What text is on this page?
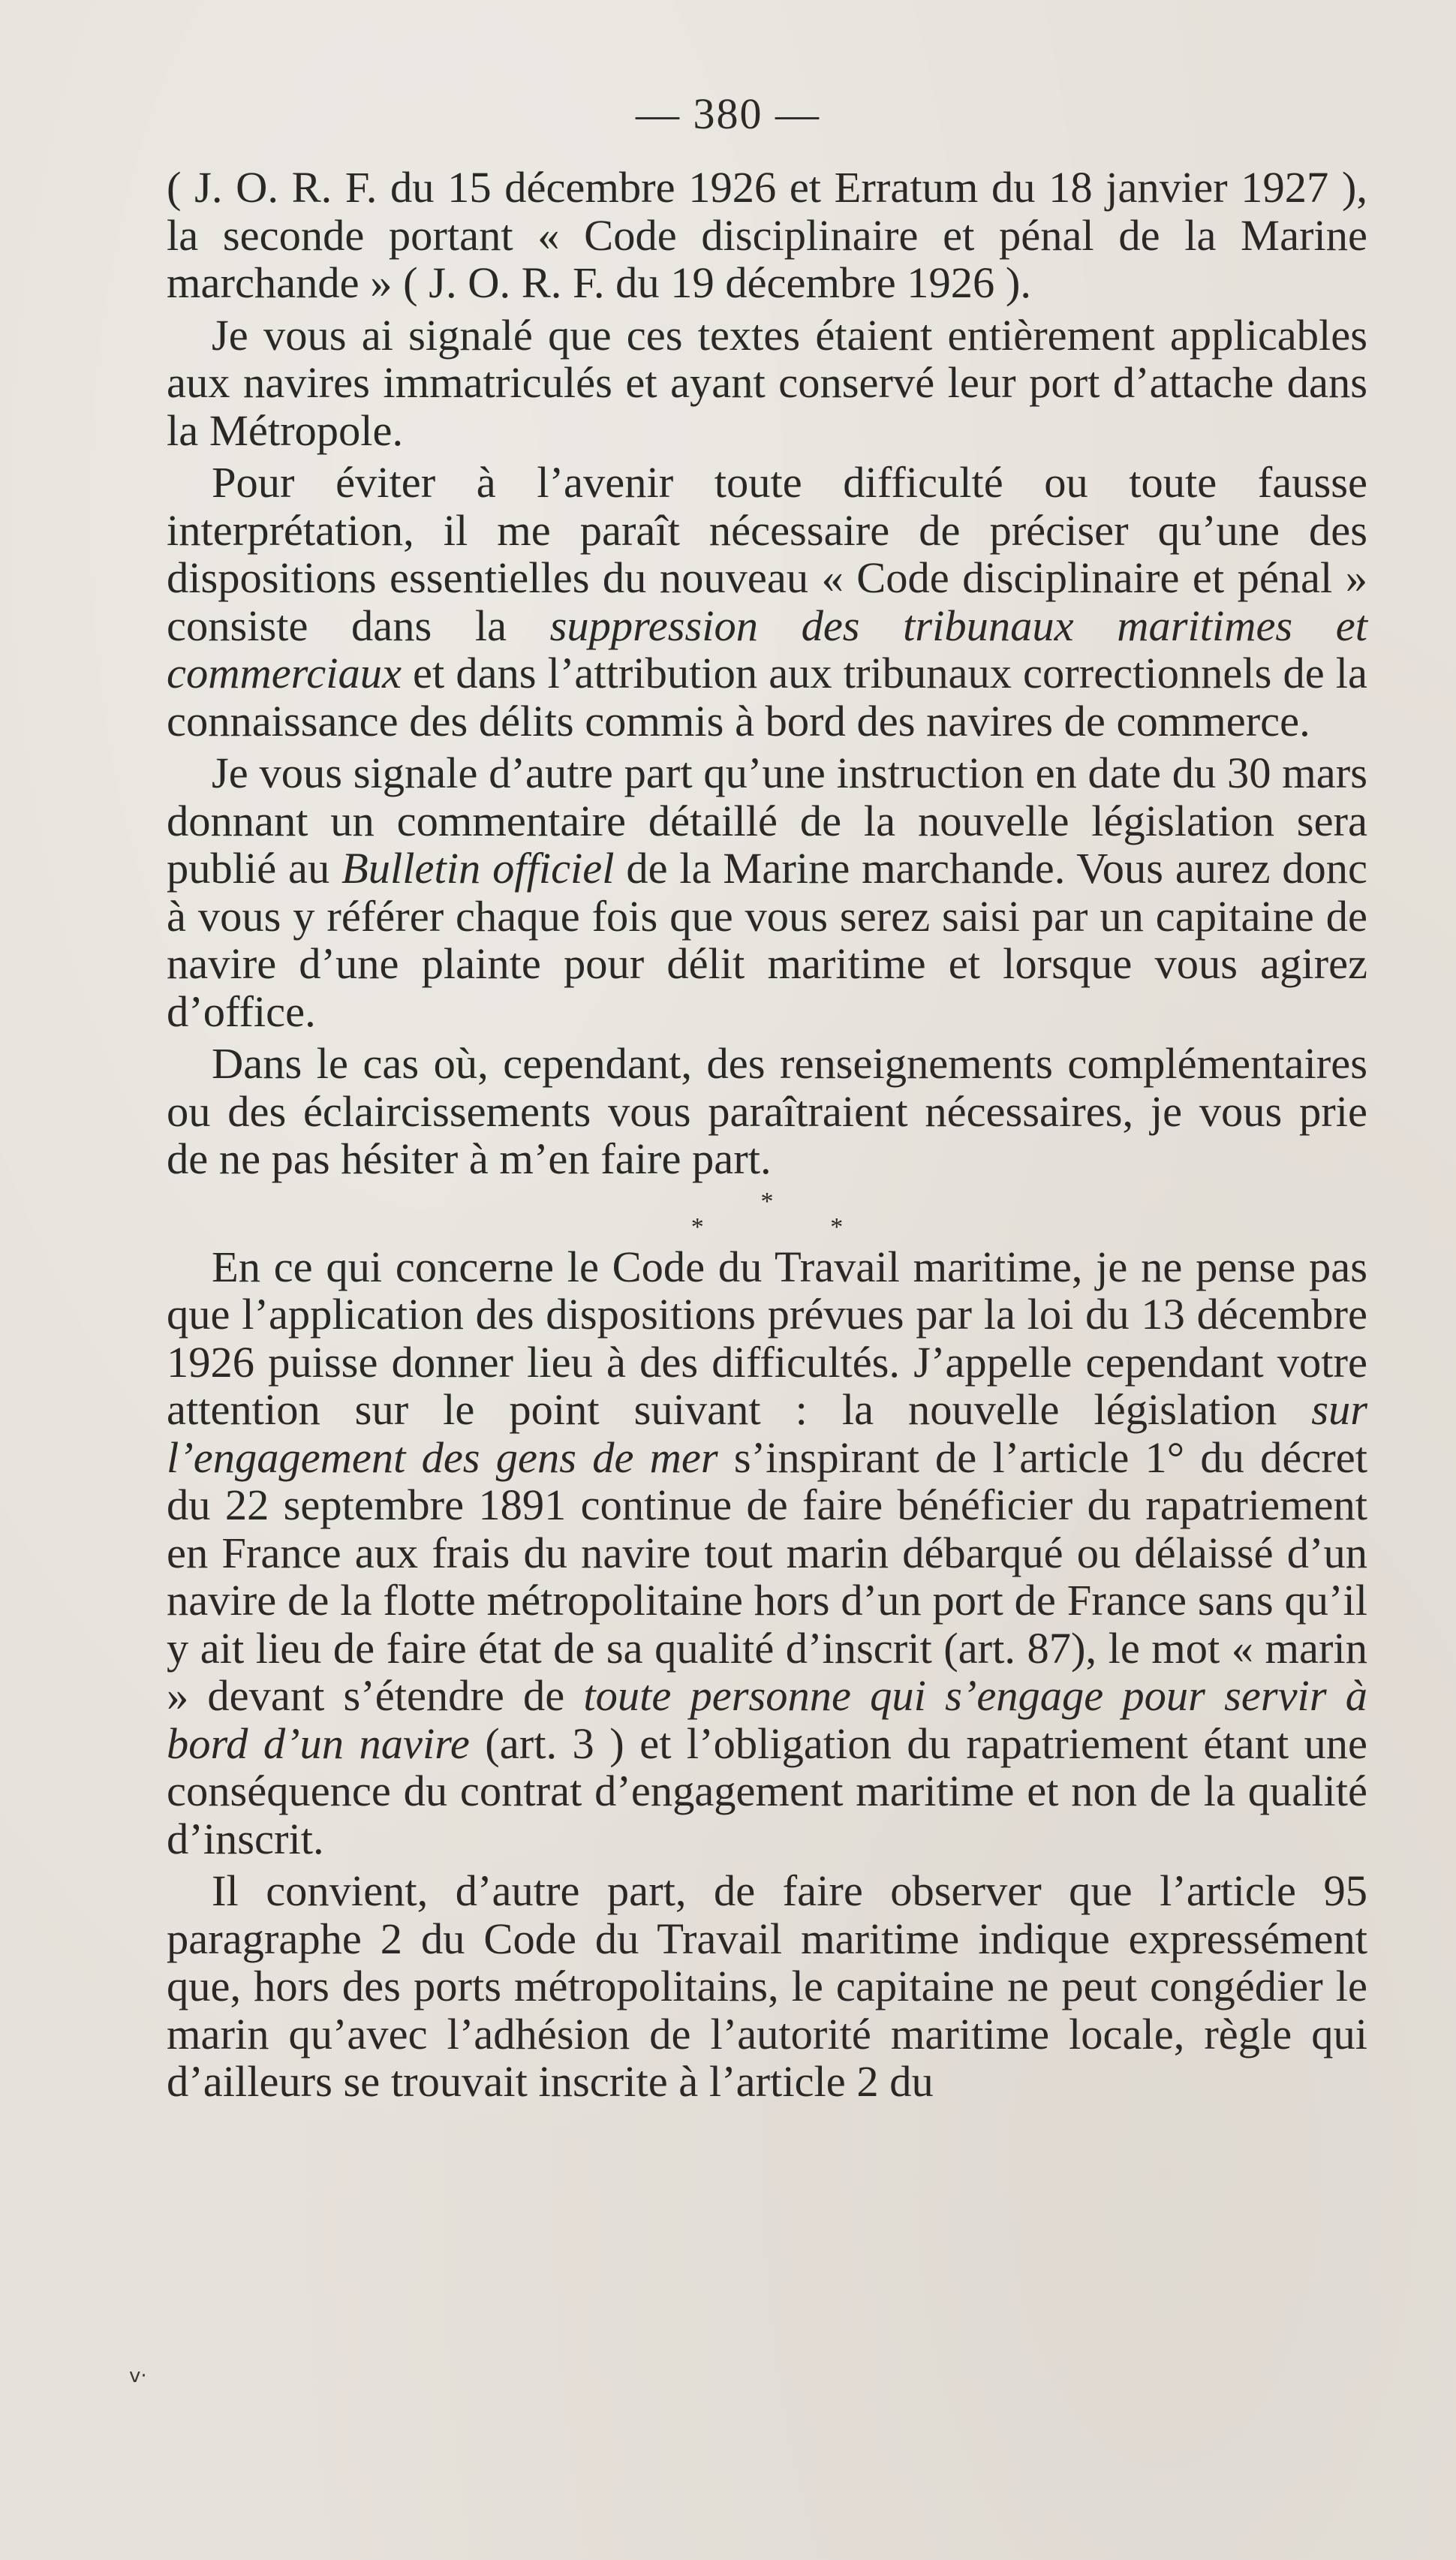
— 380 —

( J. O. R. F. du 15 décembre 1926 et Erratum du 18 janvier 1927 ), la seconde portant « Code disciplinaire et pénal de la Marine marchande » ( J. O. R. F. du 19 décembre 1926 ).

Je vous ai signalé que ces textes étaient entièrement applicables aux navires immatriculés et ayant conservé leur port d’attache dans la Métropole.

Pour éviter à l’avenir toute difficulté ou toute fausse interprétation, il me paraît nécessaire de préciser qu’une des dispositions essentielles du nouveau « Code disciplinaire et pénal » consiste dans la suppression des tribunaux maritimes et commerciaux et dans l’attribution aux tribunaux correctionnels de la connaissance des délits commis à bord des navires de commerce.

Je vous signale d’autre part qu’une instruction en date du 30 mars donnant un commentaire détaillé de la nouvelle législation sera publié au Bulletin officiel de la Marine marchande. Vous aurez donc à vous y référer chaque fois que vous serez saisi par un capitaine de navire d’une plainte pour délit maritime et lorsque vous agirez d’office.

Dans le cas où, cependant, des renseignements complémentaires ou des éclaircissements vous paraîtraient nécessaires, je vous prie de ne pas hésiter à m’en faire part.

*
* *

En ce qui concerne le Code du Travail maritime, je ne pense pas que l’application des dispositions prévues par la loi du 13 décembre 1926 puisse donner lieu à des difficultés. J’appelle cependant votre attention sur le point suivant : la nouvelle législation sur l’engagement des gens de mer s’inspirant de l’article 1° du décret du 22 septembre 1891 continue de faire bénéficier du rapatriement en France aux frais du navire tout marin débarqué ou délaissé d’un navire de la flotte métropolitaine hors d’un port de France sans qu’il y ait lieu de faire état de sa qualité d’inscrit (art. 87), le mot « marin » devant s’étendre de toute personne qui s’engage pour servir à bord d’un navire (art. 3 ) et l’obligation du rapatriement étant une conséquence du contrat d’engagement maritime et non de la qualité d’inscrit.

Il convient, d’autre part, de faire observer que l’article 95 paragraphe 2 du Code du Travail maritime indique expressément que, hors des ports métropolitains, le capitaine ne peut congédier le marin qu’avec l’adhésion de l’autorité maritime locale, règle qui d’ailleurs se trouvait inscrite à l’article 2 du

v·
